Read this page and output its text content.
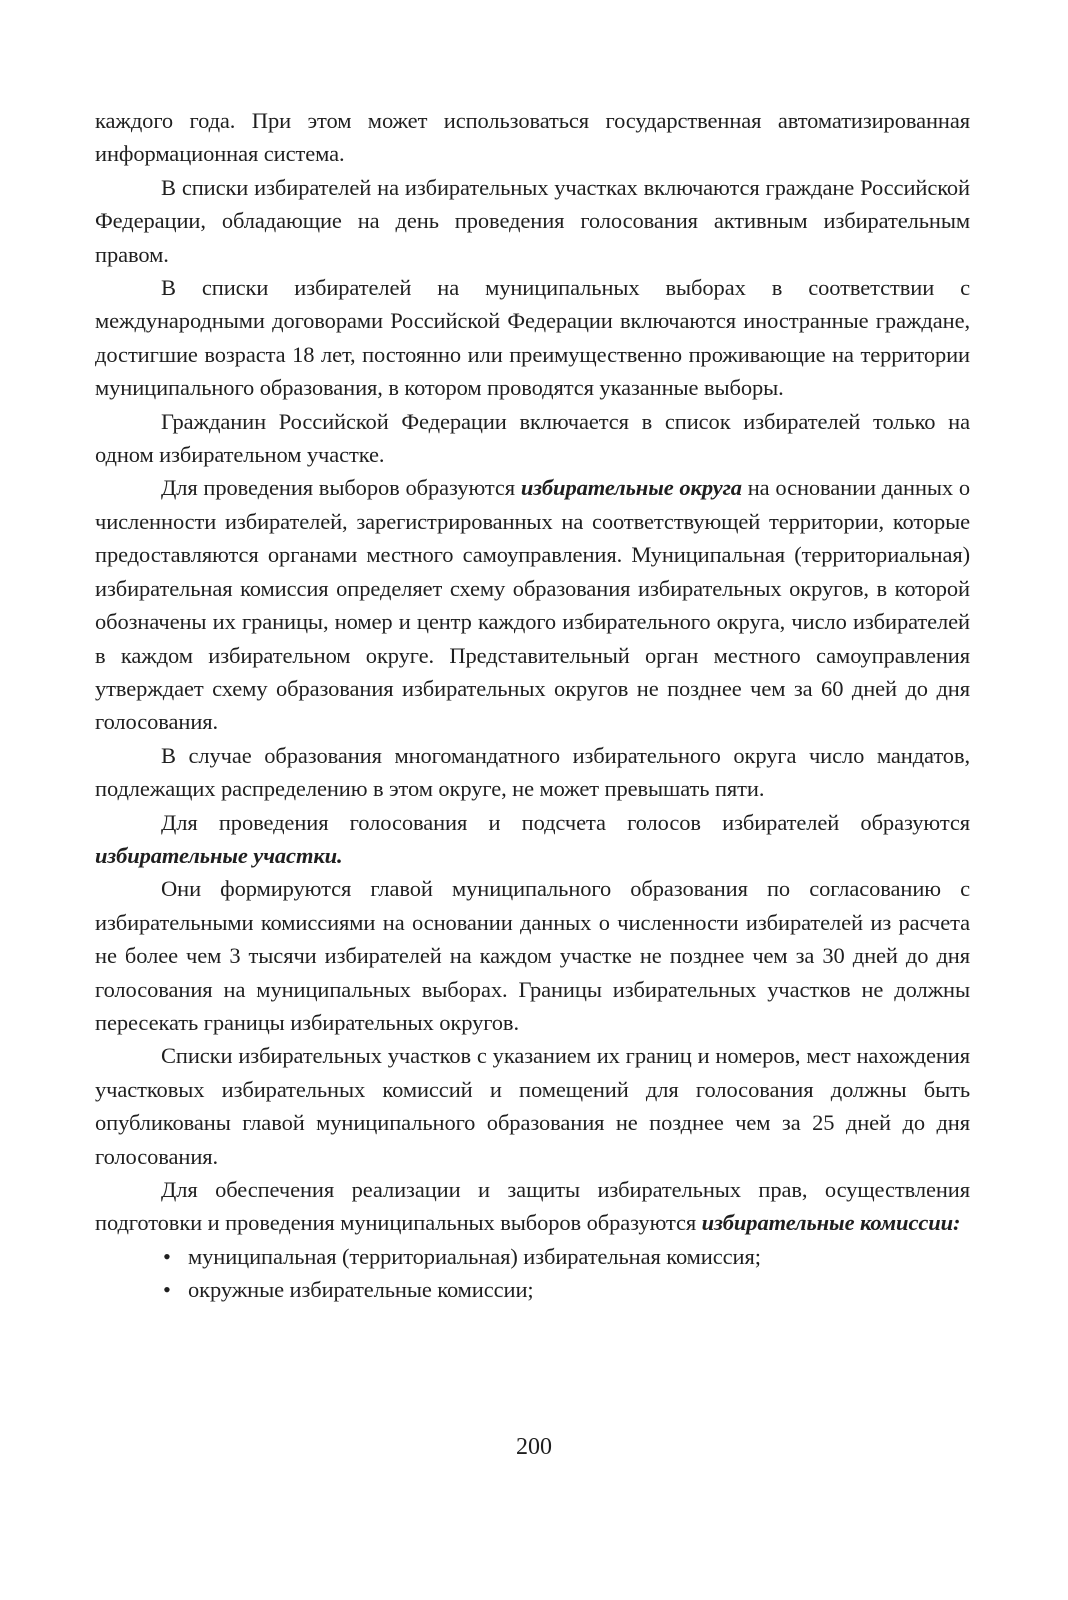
каждого года. При этом может использоваться государственная автоматизированная информационная система.

В списки избирателей на избирательных участках включаются граждане Российской Федерации, обладающие на день проведения голосования активным избирательным правом.

В списки избирателей на муниципальных выборах в соответствии с международными договорами Российской Федерации включаются иностранные граждане, достигшие возраста 18 лет, постоянно или преимущественно проживающие на территории муниципального образования, в котором проводятся указанные выборы.

Гражданин Российской Федерации включается в список избирателей только на одном избирательном участке.

Для проведения выборов образуются избирательные округа на основании данных о численности избирателей, зарегистрированных на соответствующей территории, которые предоставляются органами местного самоуправления. Муниципальная (территориальная) избирательная комиссия определяет схему образования избирательных округов, в которой обозначены их границы, номер и центр каждого избирательного округа, число избирателей в каждом избирательном округе. Представительный орган местного самоуправления утверждает схему образования избирательных округов не позднее чем за 60 дней до дня голосования.

В случае образования многомандатного избирательного округа число мандатов, подлежащих распределению в этом округе, не может превышать пяти.

Для проведения голосования и подсчета голосов избирателей образуются избирательные участки.

Они формируются главой муниципального образования по согласованию с избирательными комиссиями на основании данных о численности избирателей из расчета не более чем 3 тысячи избирателей на каждом участке не позднее чем за 30 дней до дня голосования на муниципальных выборах. Границы избирательных участков не должны пересекать границы избирательных округов.

Списки избирательных участков с указанием их границ и номеров, мест нахождения участковых избирательных комиссий и помещений для голосования должны быть опубликованы главой муниципального образования не позднее чем за 25 дней до дня голосования.

Для обеспечения реализации и защиты избирательных прав, осуществления подготовки и проведения муниципальных выборов образуются избирательные комиссии:

• муниципальная (территориальная) избирательная комиссия;
• окружные избирательные комиссии;
200
